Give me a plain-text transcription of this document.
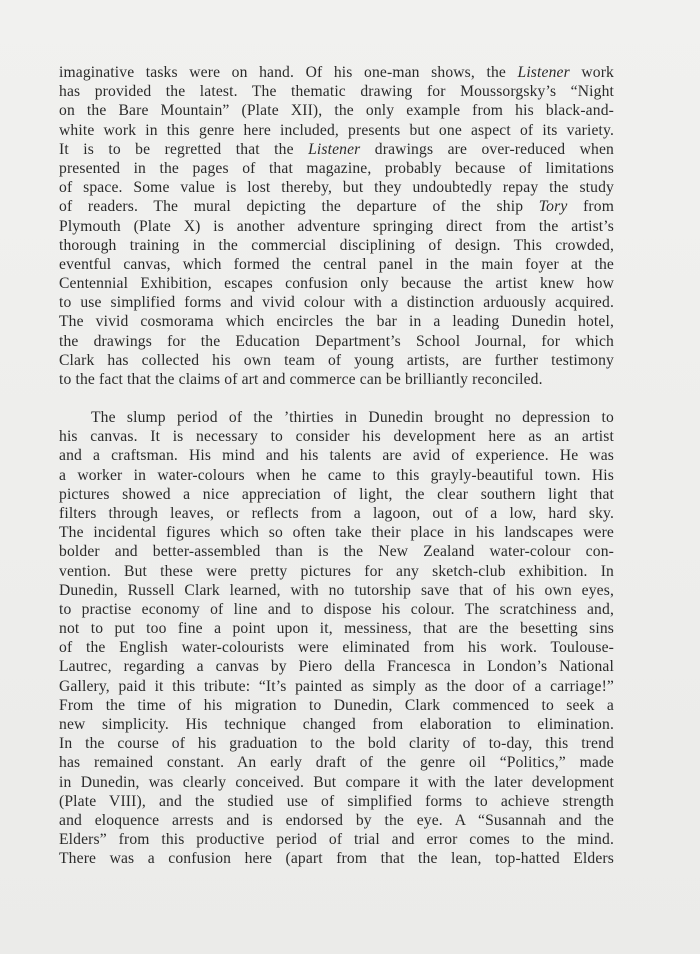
imaginative tasks were on hand. Of his one-man shows, the Listener work
has provided the latest. The thematic drawing for Moussorgsky’s “Night
on the Bare Mountain” (Plate XII), the only example from his black-and-
white work in this genre here included, presents but one aspect of its variety.
It is to be regretted that the Listener drawings are over-reduced when
presented in the pages of that magazine, probably because of limitations
of space. Some value is lost thereby, but they undoubtedly repay the study
of readers. The mural depicting the departure of the ship Tory from
Plymouth (Plate X) is another adventure springing direct from the artist’s
thorough training in the commercial disciplining of design. This crowded,
eventful canvas, which formed the central panel in the main foyer at the
Centennial Exhibition, escapes confusion only because the artist knew how
to use simplified forms and vivid colour with a distinction arduously acquired.
The vivid cosmorama which encircles the bar in a leading Dunedin hotel,
the drawings for the Education Department’s School Journal, for which
Clark has collected his own team of young artists, are further testimony
to the fact that the claims of art and commerce can be brilliantly reconciled.
The slump period of the ’thirties in Dunedin brought no depression to
his canvas. It is necessary to consider his development here as an artist
and a craftsman. His mind and his talents are avid of experience. He was
a worker in water-colours when he came to this grayly-beautiful town. His
pictures showed a nice appreciation of light, the clear southern light that
filters through leaves, or reflects from a lagoon, out of a low, hard sky.
The incidental figures which so often take their place in his landscapes were
bolder and better-assembled than is the New Zealand water-colour con-
vention. But these were pretty pictures for any sketch-club exhibition. In
Dunedin, Russell Clark learned, with no tutorship save that of his own eyes,
to practise economy of line and to dispose his colour. The scratchiness and,
not to put too fine a point upon it, messiness, that are the besetting sins
of the English water-colourists were eliminated from his work. Toulouse-
Lautrec, regarding a canvas by Piero della Francesca in London’s National
Gallery, paid it this tribute: “It’s painted as simply as the door of a carriage!”
From the time of his migration to Dunedin, Clark commenced to seek a
new simplicity. His technique changed from elaboration to elimination.
In the course of his graduation to the bold clarity of to-day, this trend
has remained constant. An early draft of the genre oil “Politics,” made
in Dunedin, was clearly conceived. But compare it with the later development
(Plate VIII), and the studied use of simplified forms to achieve strength
and eloquence arrests and is endorsed by the eye. A “Susannah and the
Elders” from this productive period of trial and error comes to the mind.
There was a confusion here (apart from that the lean, top-hatted Elders
